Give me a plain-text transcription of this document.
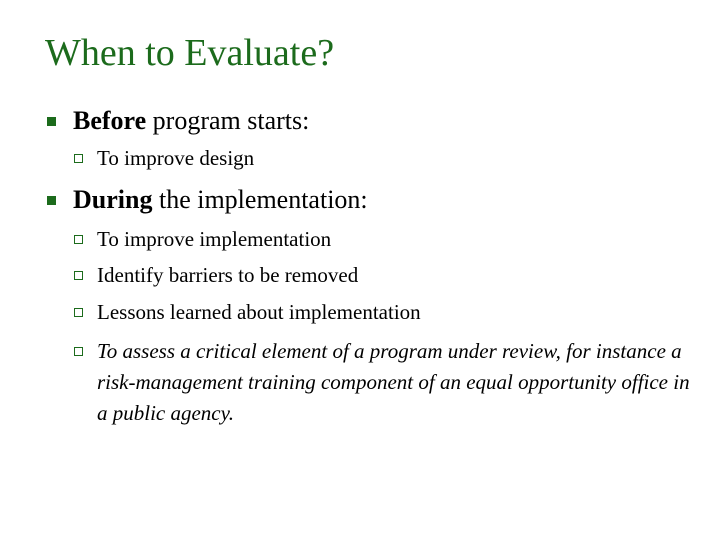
When to Evaluate?
Before program starts:
To improve design
During the implementation:
To improve implementation
Identify barriers to be removed
Lessons learned about implementation
To assess a critical element of a program under review, for instance a risk-management training component of an equal opportunity office in a public agency.
